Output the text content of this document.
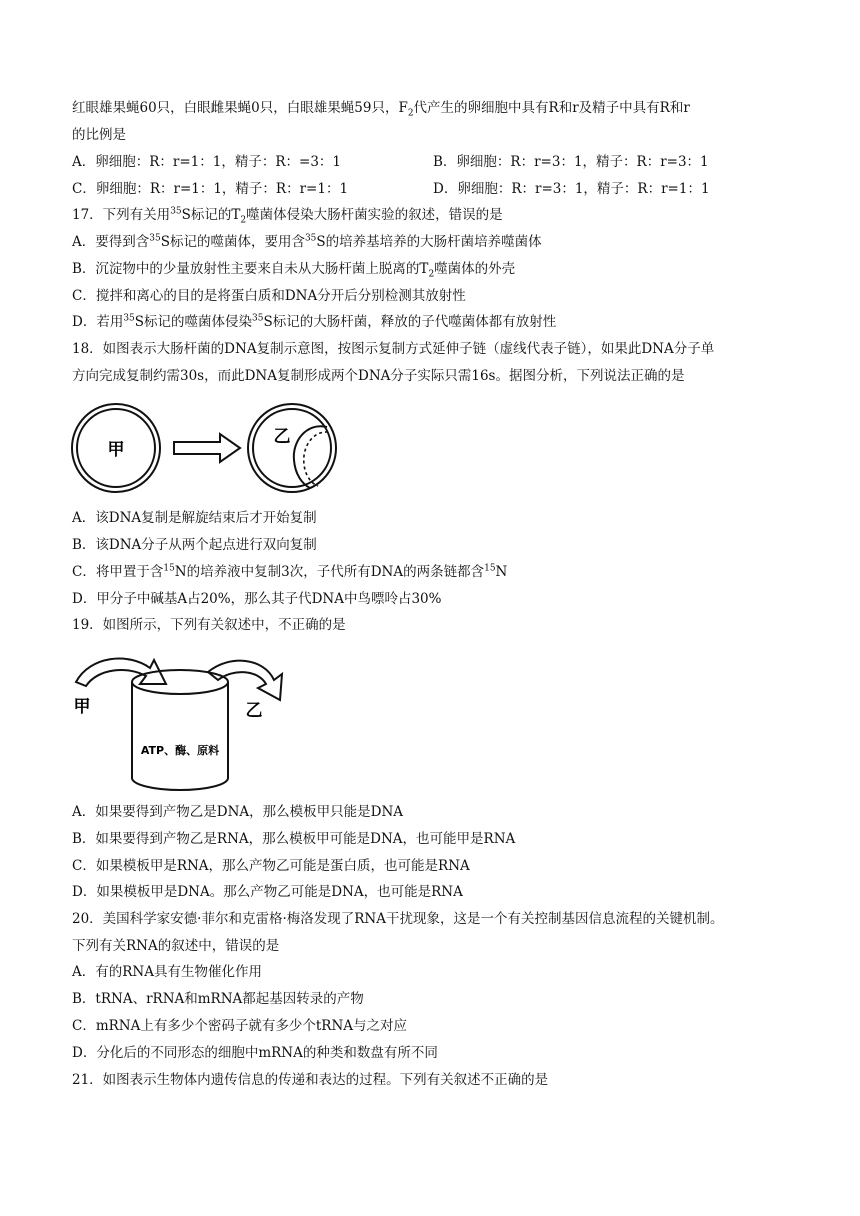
红眼雄果蝇60只，白眼雌果蝇0只，白眼雄果蝇59只，$F_2$代产生的卵细胞中具有R和r及精子中具有R和r
的比例是
A．卵细胞：R：r=1：1，精子：R：=3：1	B．卵细胞：R：r=3：1，精子：R：r=3：1
C．卵细胞：R：r=1：1，精子：R：r=1：1	D．卵细胞：R：r=3：1，精子：R：r=1：1
17．下列有关用$^{35}$S标记的$T_2$噬菌体侵染大肠杆菌实验的叙述，错误的是
A．要得到含$^{35}$S标记的噬菌体，要用含$^{35}$S的培养基培养的大肠杆菌培养噬菌体
B．沉淀物中的少量放射性主要来自未从大肠杆菌上脱离的$T_2$噬菌体的外壳
C．搅拌和离心的目的是将蛋白质和DNA分开后分别检测其放射性
D．若用$^{35}$S标记的噬菌体侵染$^{35}$S标记的大肠杆菌，释放的子代噬菌体都有放射性
18．如图表示大肠杆菌的DNA复制示意图，按图示复制方式延伸子链（虚线代表子链），如果此DNA分子单
方向完成复制约需30s，而此DNA复制形成两个DNA分子实际只需16s。据图分析，下列说法正确的是
甲
乙
A．该DNA复制是解旋结束后才开始复制
B．该DNA分子从两个起点进行双向复制
C．将甲置于含$^{15}$N的培养液中复制3次，子代所有DNA的两条链都含$^{15}$N
D．甲分子中碱基A占20%，那么其子代DNA中鸟嘌呤占30%
19．如图所示，下列有关叙述中，不正确的是
甲	乙
ATP、酶、原料
A．如果要得到产物乙是DNA，那么模板甲只能是DNA
B．如果要得到产物乙是RNA，那么模板甲可能是DNA，也可能甲是RNA
C．如果模板甲是RNA，那么产物乙可能是蛋白质，也可能是RNA
D．如果模板甲是DNA。那么产物乙可能是DNA，也可能是RNA
20．美国科学家安德·菲尔和克雷格·梅洛发现了RNA干扰现象，这是一个有关控制基因信息流程的关键机制。
下列有关RNA的叙述中，错误的是
A．有的RNA具有生物催化作用
B．tRNA、rRNA和mRNA都起基因转录的产物
C．mRNA上有多少个密码子就有多少个tRNA与之对应
D．分化后的不同形态的细胞中mRNA的种类和数盘有所不同
21．如图表示生物体内遗传信息的传递和表达的过程。下列有关叙述不正确的是
